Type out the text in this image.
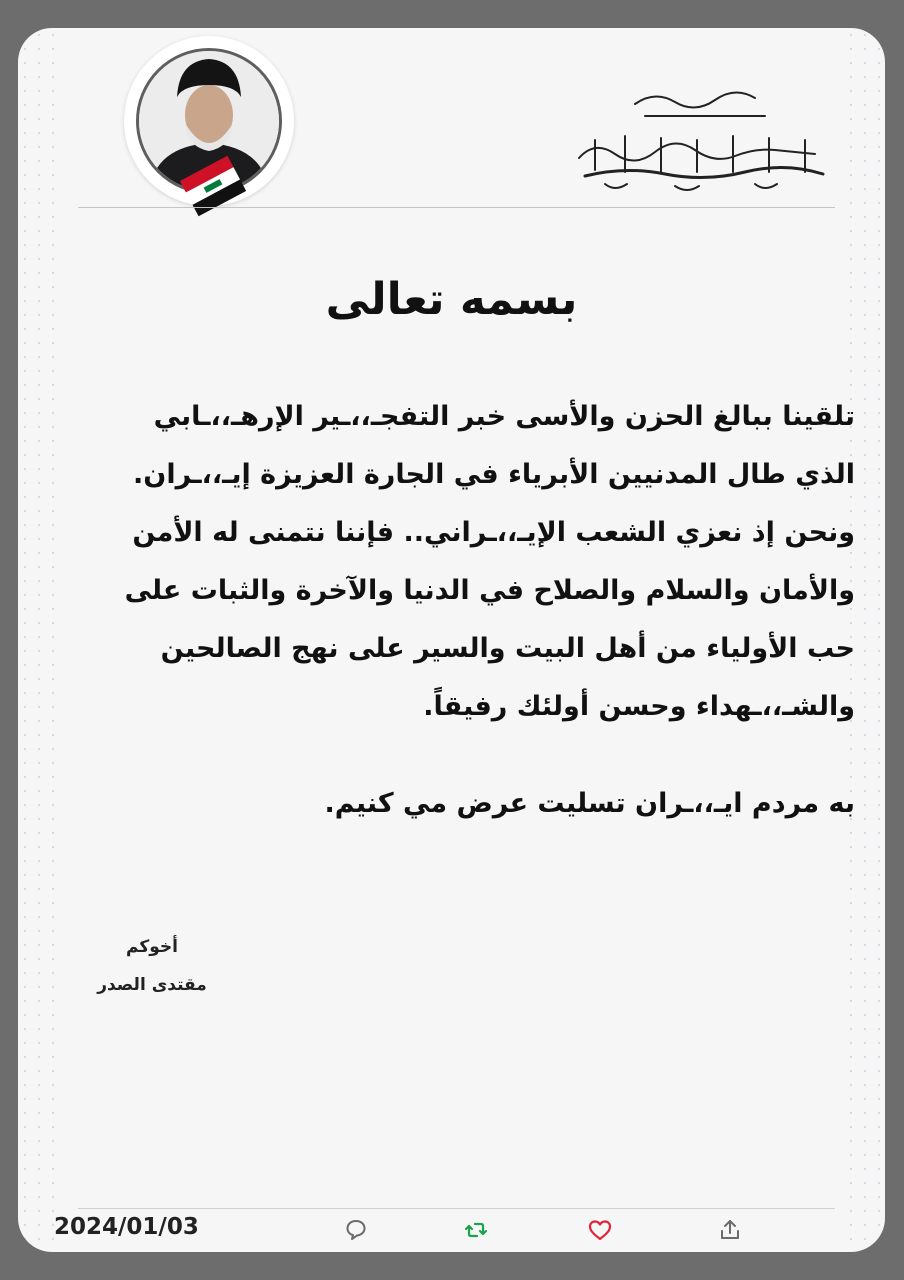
بسمه تعالى

تلقينا ببالغ الحزن والأسى خبر التفجـ،،ـير الإرهـ،،ـابي

الذي طال المدنيين الأبرياء في الجارة العزيزة إيـ،،ـران.

ونحن إذ نعزي الشعب الإيـ،،ـراني.. فإننا نتمنى له الأمن

والأمان والسلام والصلاح في الدنيا والآخرة والثبات على

حب الأولياء من أهل البيت والسير على نهج الصالحين

والشـ،،ـهداء وحسن أولئك رفيقاً.

به مردم ايـ،،ـران تسليت عرض مي كنيم.
أخوكم
مقتدى الصدر
2024/01/03
